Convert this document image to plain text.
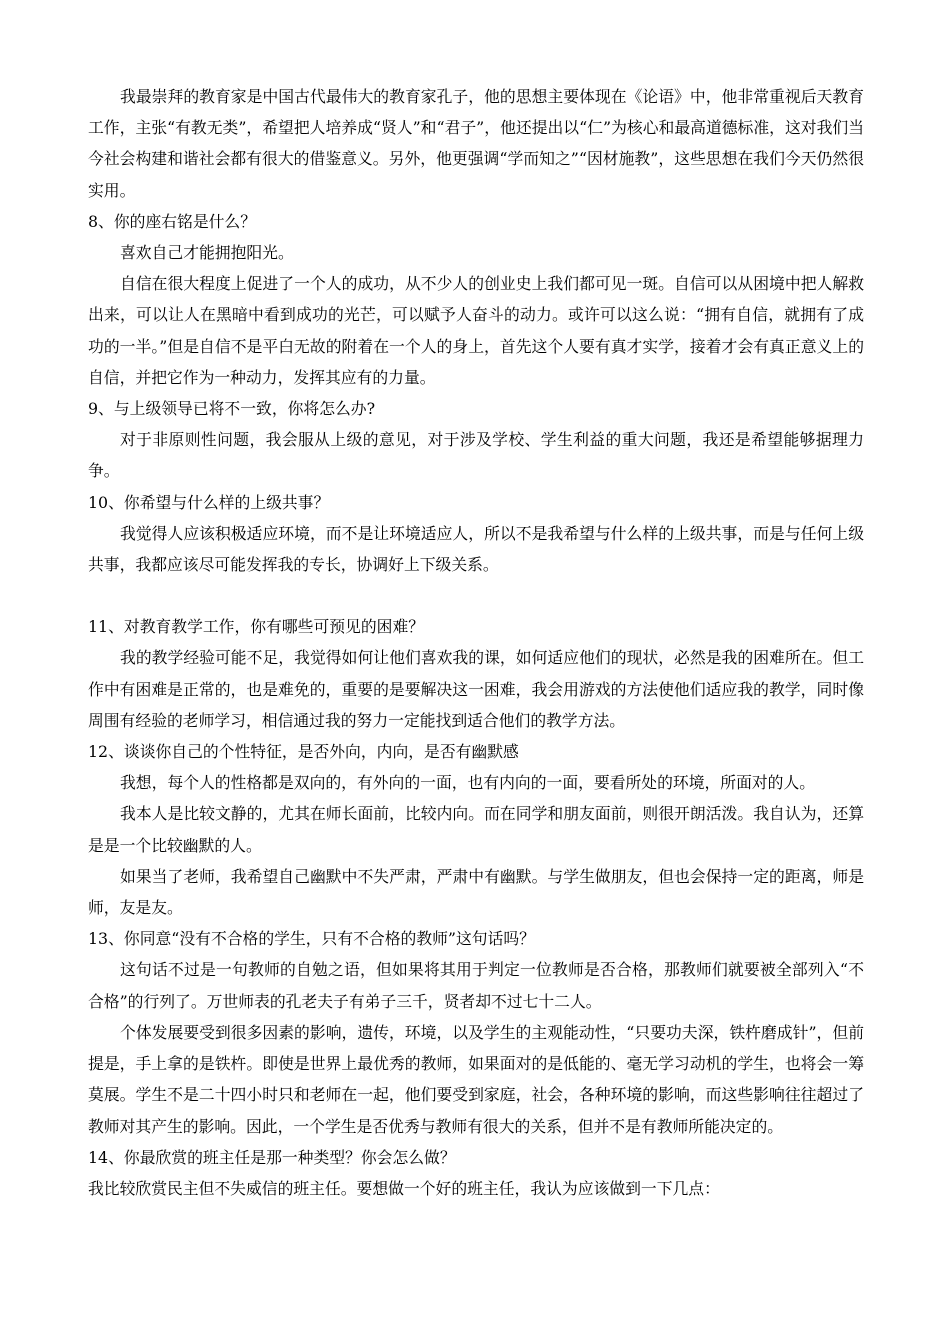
我最崇拜的教育家是中国古代最伟大的教育家孔子，他的思想主要体现在《论语》中，他非常重视后天教育工作，主张“有教无类”，希望把人培养成“贤人”和“君子”，他还提出以“仁”为核心和最高道德标准，这对我们当今社会构建和谐社会都有很大的借鉴意义。另外，他更强调“学而知之”“因材施教”，这些思想在我们今天仍然很实用。

8、你的座右铭是什么？

喜欢自己才能拥抱阳光。

自信在很大程度上促进了一个人的成功，从不少人的创业史上我们都可见一斑。自信可以从困境中把人解救出来，可以让人在黑暗中看到成功的光芒，可以赋予人奋斗的动力。或许可以这么说：“拥有自信，就拥有了成功的一半。”但是自信不是平白无故的附着在一个人的身上，首先这个人要有真才实学，接着才会有真正意义上的自信，并把它作为一种动力，发挥其应有的力量。

9、与上级领导已将不一致，你将怎么办?

对于非原则性问题，我会服从上级的意见，对于涉及学校、学生利益的重大问题，我还是希望能够据理力争。

10、你希望与什么样的上级共事？

我觉得人应该积极适应环境，而不是让环境适应人，所以不是我希望与什么样的上级共事，而是与任何上级共事，我都应该尽可能发挥我的专长，协调好上下级关系。

11、对教育教学工作，你有哪些可预见的困难？

我的教学经验可能不足，我觉得如何让他们喜欢我的课，如何适应他们的现状，必然是我的困难所在。但工作中有困难是正常的，也是难免的，重要的是要解决这一困难，我会用游戏的方法使他们适应我的教学，同时像周围有经验的老师学习，相信通过我的努力一定能找到适合他们的教学方法。

12、谈谈你自己的个性特征，是否外向，内向，是否有幽默感

我想，每个人的性格都是双向的，有外向的一面，也有内向的一面，要看所处的环境，所面对的人。

我本人是比较文静的，尤其在师长面前，比较内向。而在同学和朋友面前，则很开朗活泼。我自认为，还算是是一个比较幽默的人。

如果当了老师，我希望自己幽默中不失严肃，严肃中有幽默。与学生做朋友，但也会保持一定的距离，师是师，友是友。

13、你同意“没有不合格的学生，只有不合格的教师”这句话吗？

这句话不过是一句教师的自勉之语，但如果将其用于判定一位教师是否合格，那教师们就要被全部列入“不合格”的行列了。万世师表的孔老夫子有弟子三千，贤者却不过七十二人。

个体发展要受到很多因素的影响，遗传，环境，以及学生的主观能动性，“只要功夫深，铁杵磨成针”，但前提是，手上拿的是铁杵。即使是世界上最优秀的教师，如果面对的是低能的、毫无学习动机的学生，也将会一筹莫展。学生不是二十四小时只和老师在一起，他们要受到家庭，社会，各种环境的影响，而这些影响往往超过了教师对其产生的影响。因此，一个学生是否优秀与教师有很大的关系，但并不是有教师所能决定的。

14、你最欣赏的班主任是那一种类型？你会怎么做？

我比较欣赏民主但不失威信的班主任。要想做一个好的班主任，我认为应该做到一下几点：
